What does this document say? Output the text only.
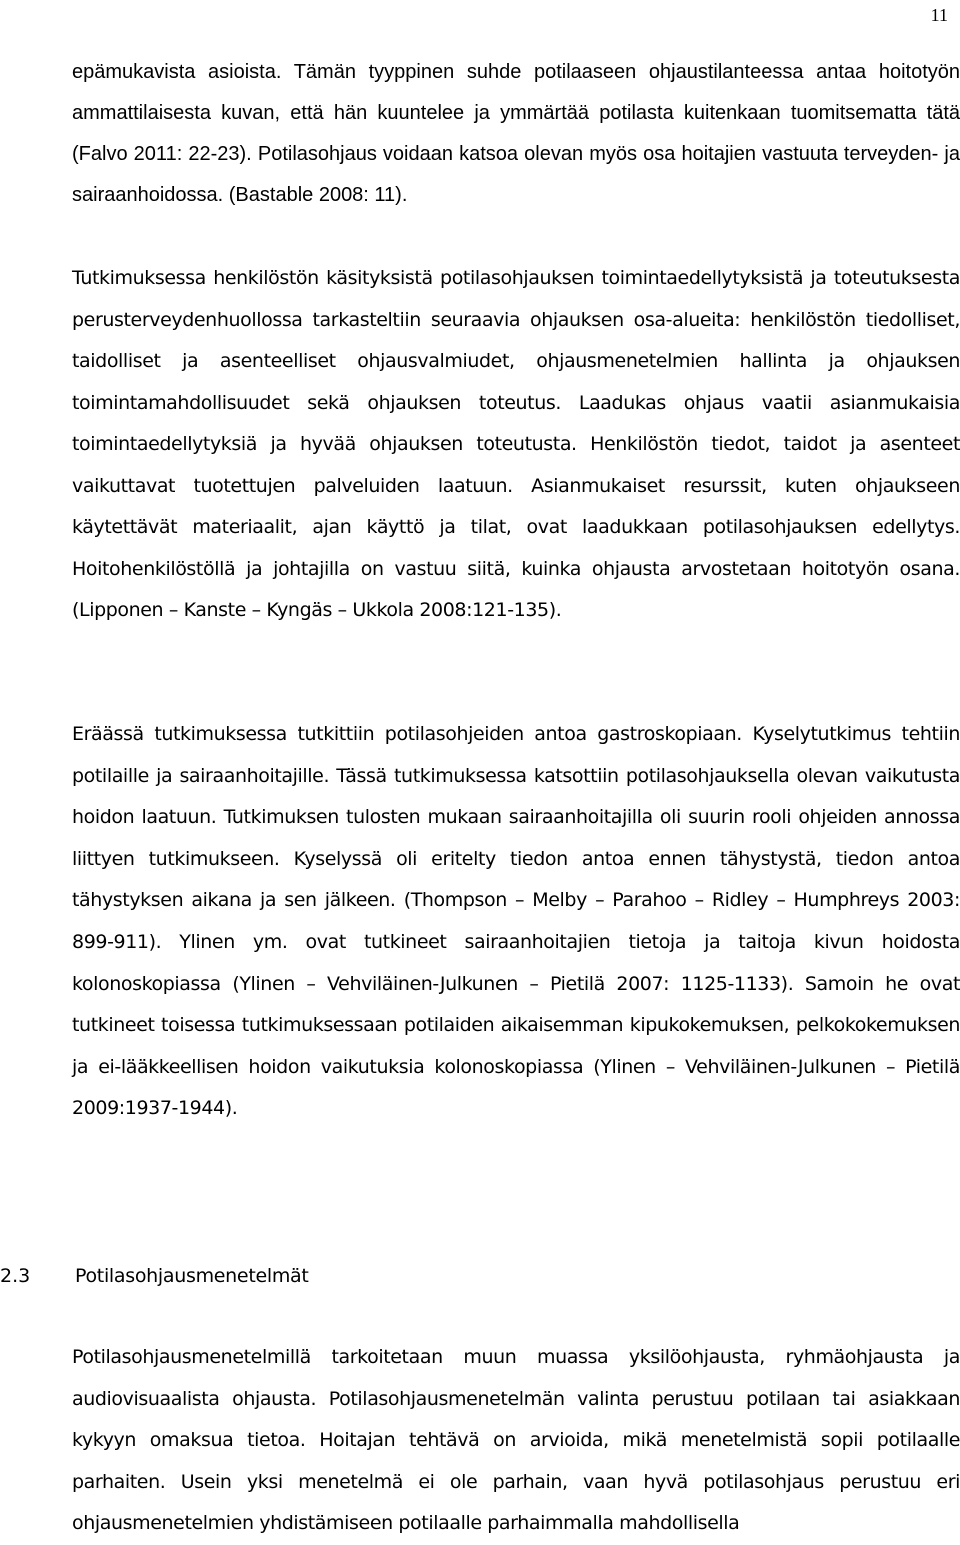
11

epämukavista asioista. Tämän tyyppinen suhde potilaaseen ohjaustilanteessa antaa hoitotyön ammattilaisesta kuvan, että hän kuuntelee ja ymmärtää potilasta kuitenkaan tuomitsematta tätä (Falvo 2011: 22-23). Potilasohjaus voidaan katsoa olevan myös osa hoitajien vastuuta terveyden- ja sairaanhoidossa. (Bastable 2008: 11).

Tutkimuksessa henkilöstön käsityksistä potilasohjauksen toimintaedellytyksistä ja toteutuksesta perusterveydenhuollossa tarkasteltiin seuraavia ohjauksen osa-alueita: henkilöstön tiedolliset, taidolliset ja asenteelliset ohjausvalmiudet, ohjausmenetelmien hallinta ja ohjauksen toimintamahdollisuudet sekä ohjauksen toteutus. Laadukas ohjaus vaatii asianmukaisia toimintaedellytyksiä ja hyvää ohjauksen toteutusta. Henkilöstön tiedot, taidot ja asenteet vaikuttavat tuotettujen palveluiden laatuun. Asianmukaiset resurssit, kuten ohjaukseen käytettävät materiaalit, ajan käyttö ja tilat, ovat laadukkaan potilasohjauksen edellytys. Hoitohenkilöstöllä ja johtajilla on vastuu siitä, kuinka ohjausta arvostetaan hoitotyön osana. (Lipponen – Kanste – Kyngäs – Ukkola 2008:121-135).

Eräässä tutkimuksessa tutkittiin potilasohjeiden antoa gastroskopiaan. Kyselytutkimus tehtiin potilaille ja sairaanhoitajille. Tässä tutkimuksessa katsottiin potilasohjauksella olevan vaikutusta hoidon laatuun. Tutkimuksen tulosten mukaan sairaanhoitajilla oli suurin rooli ohjeiden annossa liittyen tutkimukseen. Kyselyssä oli eritelty tiedon antoa ennen tähystystä, tiedon antoa tähystyksen aikana ja sen jälkeen. (Thompson – Melby – Parahoo – Ridley – Humphreys 2003: 899-911). Ylinen ym. ovat tutkineet sairaanhoitajien tietoja ja taitoja kivun hoidosta kolonoskopiassa (Ylinen – Vehviläinen-Julkunen – Pietilä 2007: 1125-1133). Samoin he ovat tutkineet toisessa tutkimuksessaan potilaiden aikaisemman kipukokemuksen, pelkokokemuksen ja ei-lääkkeellisen hoidon vaikutuksia kolonoskopiassa (Ylinen – Vehviläinen-Julkunen – Pietilä 2009:1937-1944).

2.3 Potilasohjausmenetelmät

Potilasohjausmenetelmillä tarkoitetaan muun muassa yksilöohjausta, ryhmäohjausta ja audiovisuaalista ohjausta. Potilasohjausmenetelmän valinta perustuu potilaan tai asiakkaan kykyyn omaksua tietoa. Hoitajan tehtävä on arvioida, mikä menetelmistä sopii potilaalle parhaiten. Usein yksi menetelmä ei ole parhain, vaan hyvä potilasohjaus perustuu eri ohjausmenetelmien yhdistämiseen potilaalle parhaimmalla mahdollisella
